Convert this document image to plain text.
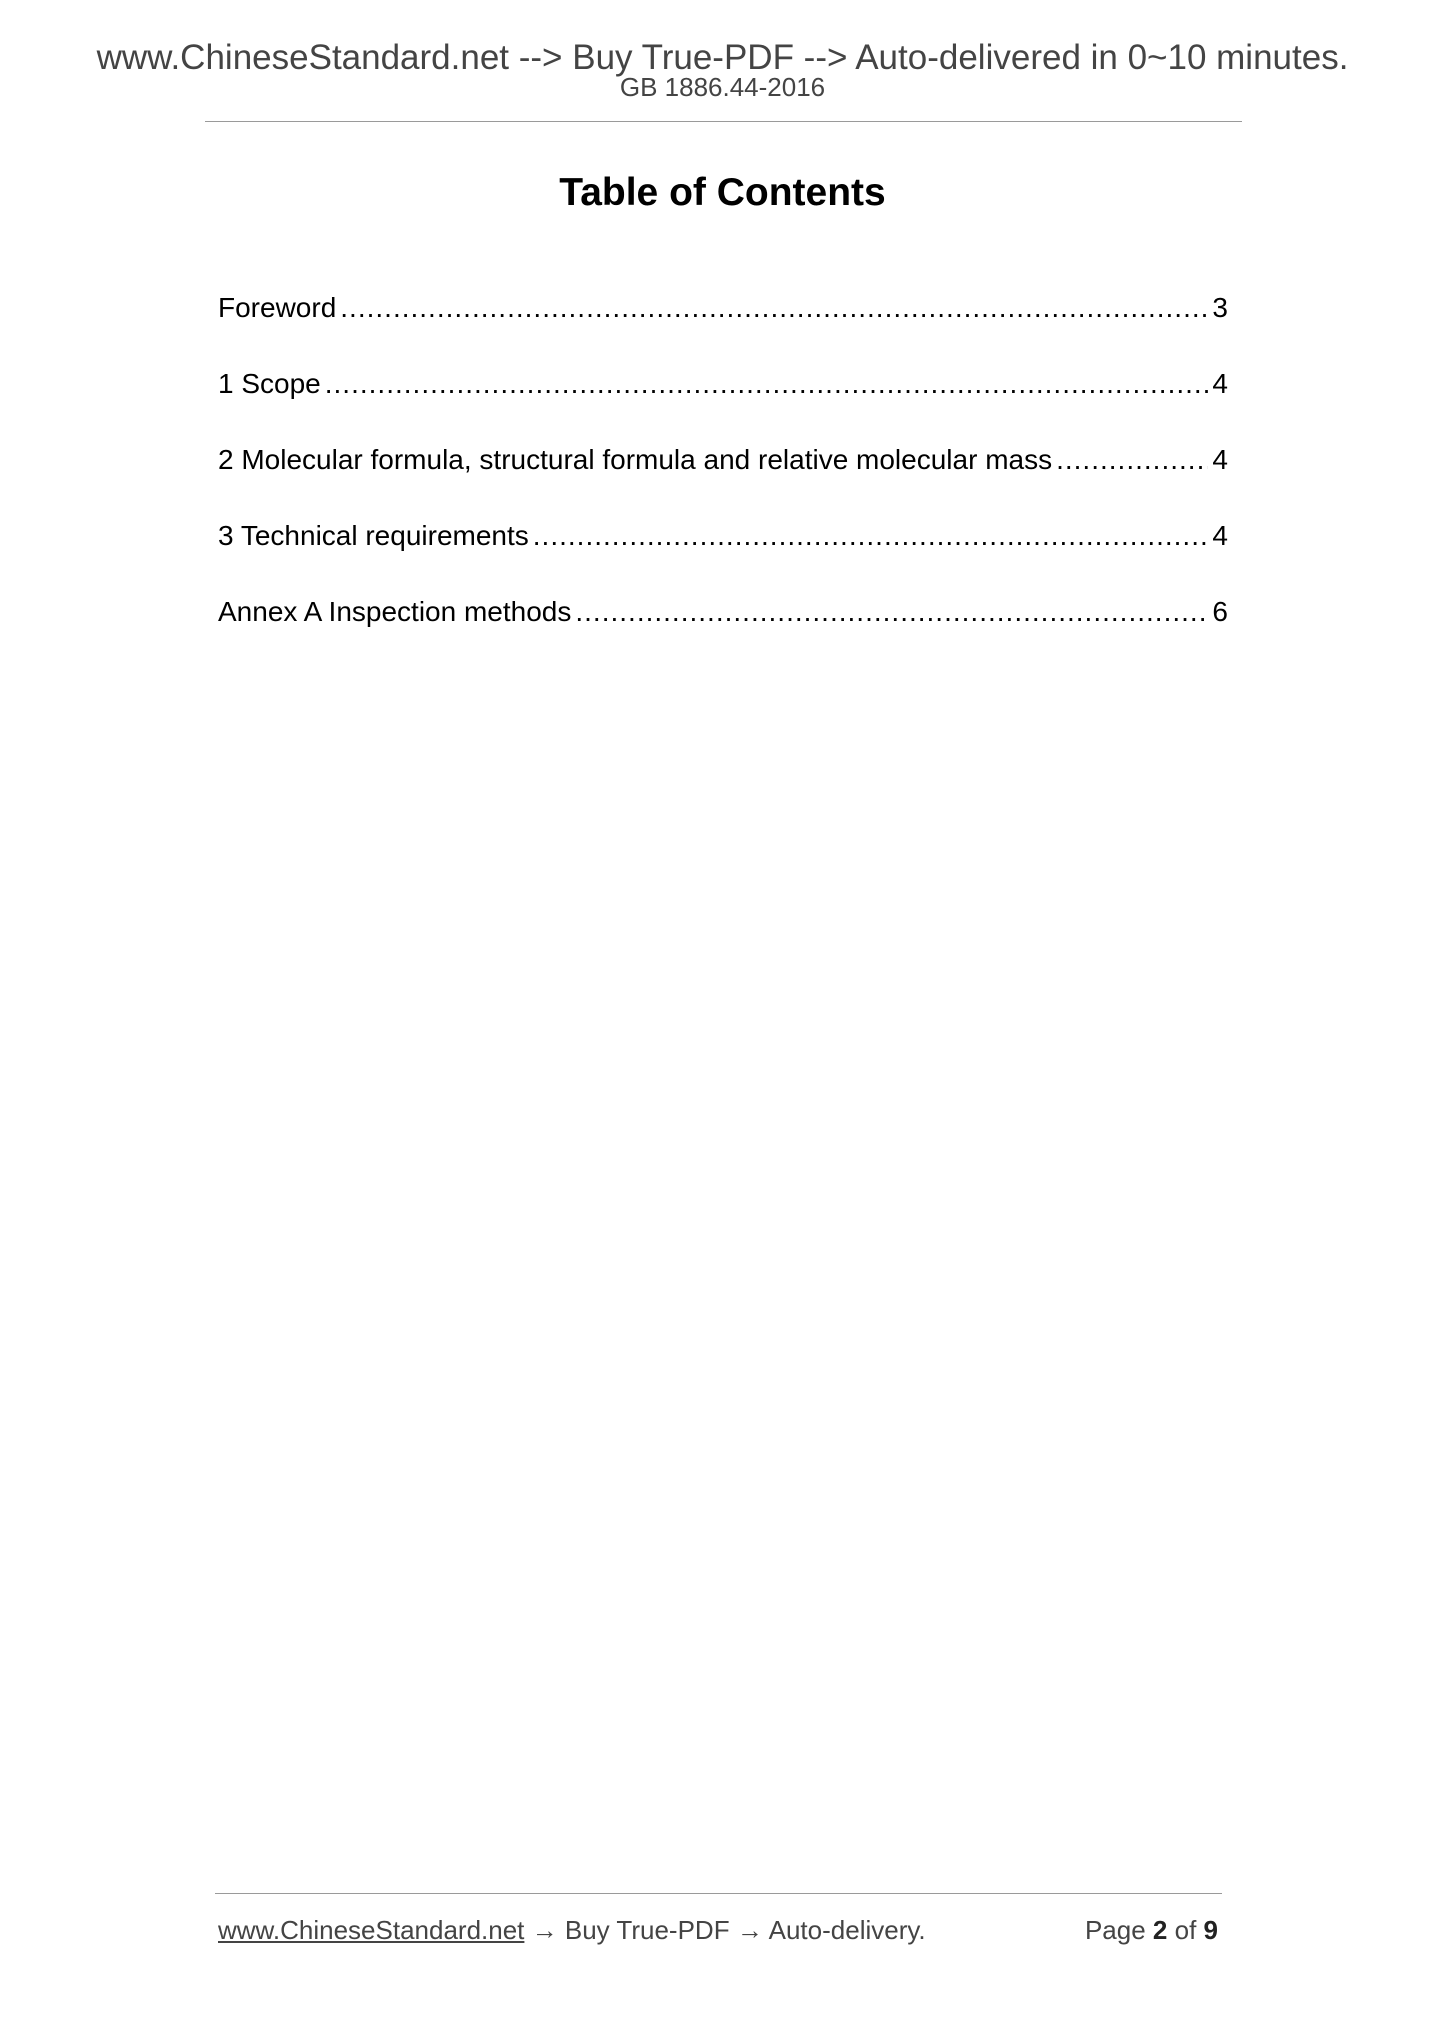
www.ChineseStandard.net --> Buy True-PDF --> Auto-delivered in 0~10 minutes.
GB 1886.44-2016
Table of Contents
Foreword .....	3
1 Scope .....	4
2 Molecular formula, structural formula and relative molecular mass .....	4
3 Technical requirements .....	4
Annex A Inspection methods .....	6
www.ChineseStandard.net → Buy True-PDF → Auto-delivery.	Page 2 of 9
